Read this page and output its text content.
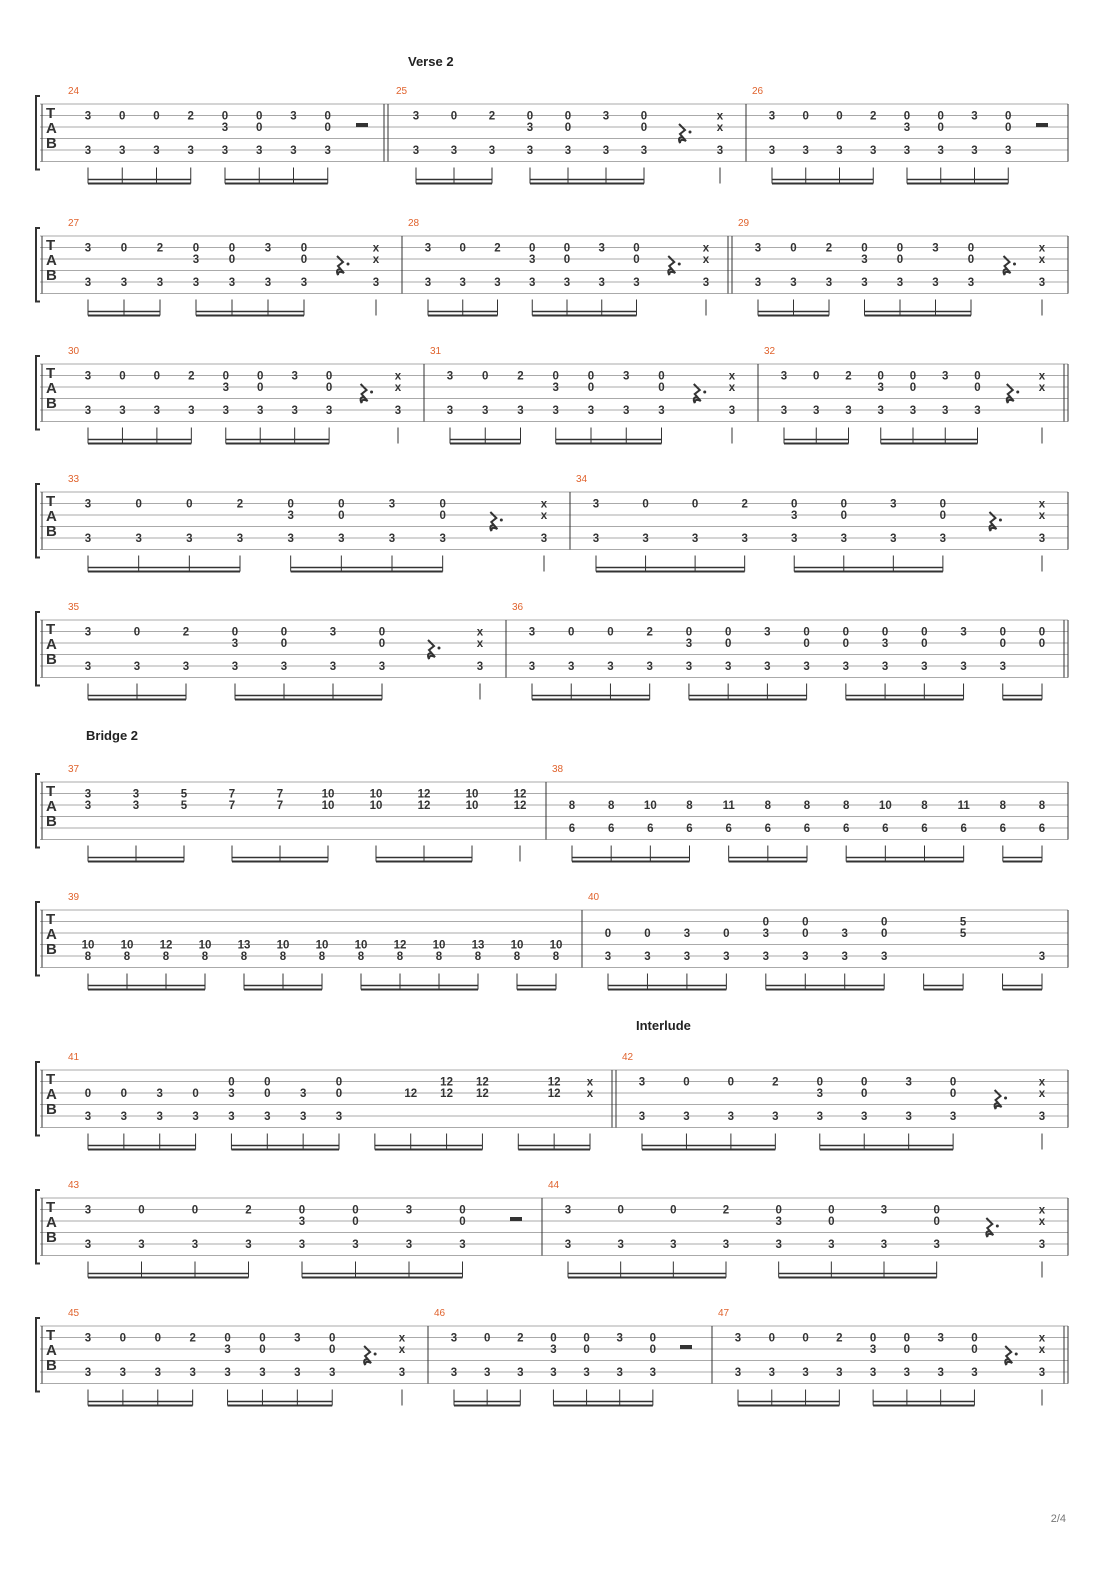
T
A
B
24
3
3
0
3
0
3
2
3
0
3
3
0
0
3
3
3
0
0
3
25
3
3
0
3
2
3
0
3
3
0
0
3
3
3
0
0
3
x
x
3
26
3
3
0
3
0
3
2
3
0
3
3
0
0
3
3
3
0
0
3
T
A
B
27
3
3
0
3
2
3
0
3
3
0
0
3
3
3
0
0
3
x
x
3
28
3
3
0
3
2
3
0
3
3
0
0
3
3
3
0
0
3
x
x
3
29
3
3
0
3
2
3
0
3
3
0
0
3
3
3
0
0
3
x
x
3
T
A
B
30
3
3
0
3
0
3
2
3
0
3
3
0
0
3
3
3
0
0
3
x
x
3
31
3
3
0
3
2
3
0
3
3
0
0
3
3
3
0
0
3
x
x
3
32
3
3
0
3
2
3
0
3
3
0
0
3
3
3
0
0
3
x
x
T
A
B
33
3
3
0
3
0
3
2
3
0
3
3
0
0
3
3
3
0
0
3
x
x
3
34
3
3
0
3
0
3
2
3
0
3
3
0
0
3
3
3
0
0
3
x
x
3
T
A
B
35
3
3
0
3
2
3
0
3
3
0
0
3
3
3
0
0
3
x
x
3
36
3
3
0
3
0
3
2
3
0
3
3
0
0
3
3
3
0
0
3
0
0
3
0
3
3
0
0
3
3
3
0
0
3
0
0
T
A
B
37
3
3
3
3
5
5
7
7
7
7
10
10
10
10
12
12
10
10
12
12
38
8
6
8
6
10
6
8
6
11
6
8
6
8
6
8
6
10
6
8
6
11
6
8
6
8
6
T
A
B
39
10
8
10
8
12
8
10
8
13
8
10
8
10
8
10
8
12
8
10
8
13
8
10
8
10
8
40
0
3
0
3
3
3
0
3
0
3
3
0
0
3
3
3
0
0
3
5
5
3
T
A
B
41
0
3
0
3
3
3
0
3
0
3
3
0
0
3
3
3
0
0
3
12
12
12
12
12
12
12
x
x
42
3
3
0
3
0
3
2
3
0
3
3
0
0
3
3
3
0
0
3
x
x
3
T
A
B
43
3
3
0
3
0
3
2
3
0
3
3
0
0
3
3
3
0
0
3
44
3
3
0
3
0
3
2
3
0
3
3
0
0
3
3
3
0
0
3
x
x
3
T
A
B
45
3
3
0
3
0
3
2
3
0
3
3
0
0
3
3
3
0
0
3
x
x
3
46
3
3
0
3
2
3
0
3
3
0
0
3
3
3
0
0
3
47
3
3
0
3
0
3
2
3
0
3
3
0
0
3
3
3
0
0
3
x
x
3
Verse 2
Bridge 2
Interlude
2/4
